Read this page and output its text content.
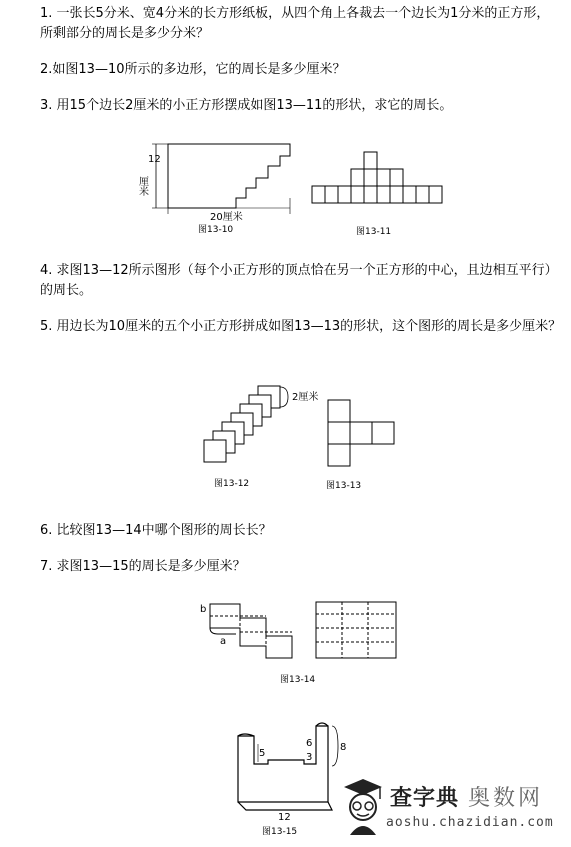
1. 一张长5分米、宽4分米的长方形纸板，从四个角上各裁去一个边长为1分米的正方形，所剩部分的周长是多少分米？
2.如图13—10所示的多边形，它的周长是多少厘米？
3. 用15个边长2厘米的小正方形摆成如图13—11的形状，求它的周长。
4. 求图13—12所示图形（每个小正方形的顶点恰在另一个正方形的中心，且边相互平行）的周长。
5. 用边长为10厘米的五个小正方形拼成如图13—13的形状，这个图形的周长是多少厘米？
6. 比较图13—14中哪个图形的周长长？
7. 求图13—15的周长是多少厘米？
12
厘米
20厘米
图13-10	图13-11
2厘米
图13-12	图13-13
b
a
图13-14
5
6
3
8
12
图13-15
查字典 奥数网
aoshu.chazidian.com
